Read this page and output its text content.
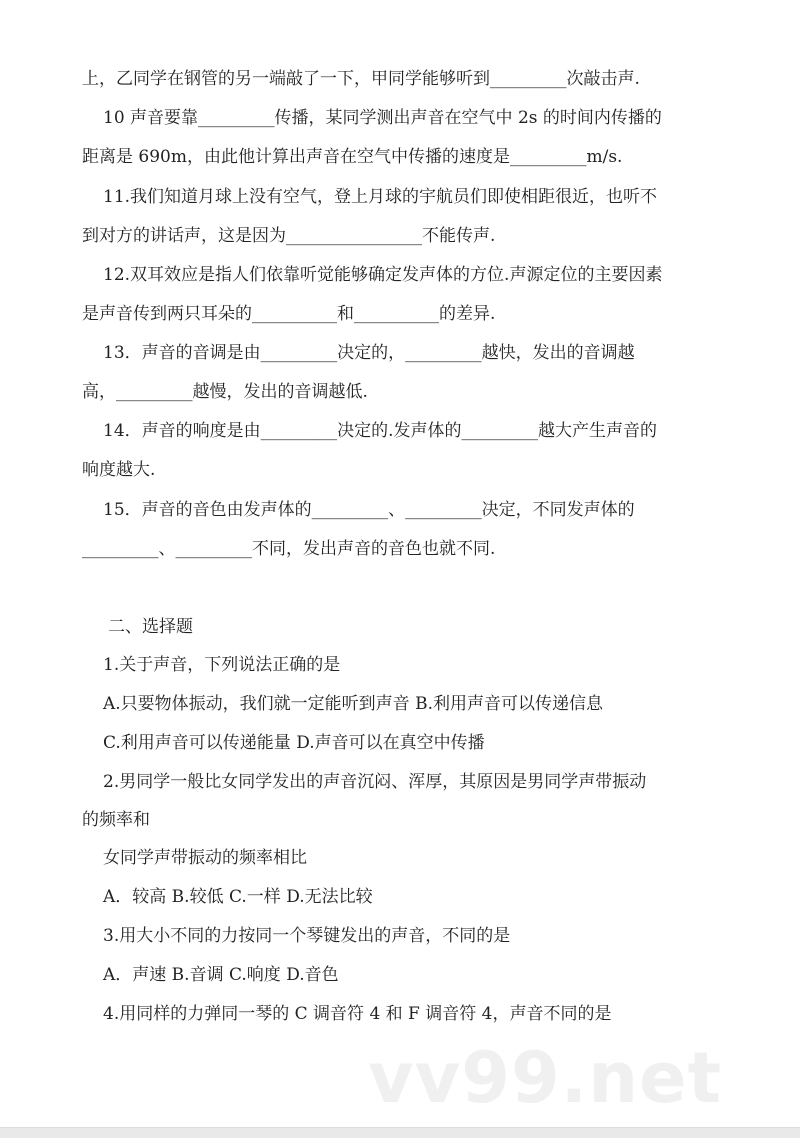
上，乙同学在钢管的另一端敲了一下，甲同学能够听到_________次敲击声.
10 声音要靠_________传播，某同学测出声音在空气中 2s 的时间内传播的
距离是 690m，由此他计算出声音在空气中传播的速度是_________m/s.
11.我们知道月球上没有空气，登上月球的宇航员们即使相距很近，也听不
到对方的讲话声，这是因为________________不能传声.
12.双耳效应是指人们依靠听觉能够确定发声体的方位.声源定位的主要因素
是声音传到两只耳朵的__________和__________的差异.
13．声音的音调是由_________决定的，_________越快，发出的音调越
高，_________越慢，发出的音调越低.
14．声音的响度是由_________决定的.发声体的_________越大产生声音的
响度越大.
15．声音的音色由发声体的_________、_________决定，不同发声体的
_________、_________不同，发出声音的音色也就不同.
二、选择题
1.关于声音，下列说法正确的是
A.只要物体振动，我们就一定能听到声音 B.利用声音可以传递信息
C.利用声音可以传递能量 D.声音可以在真空中传播
2.男同学一般比女同学发出的声音沉闷、浑厚，其原因是男同学声带振动
的频率和
女同学声带振动的频率相比
A．较高 B.较低 C.一样 D.无法比较
3.用大小不同的力按同一个琴键发出的声音，不同的是
A．声速 B.音调 C.响度 D.音色
4.用同样的力弹同一琴的 C 调音符 4 和 F 调音符 4，声音不同的是
vv99.net
